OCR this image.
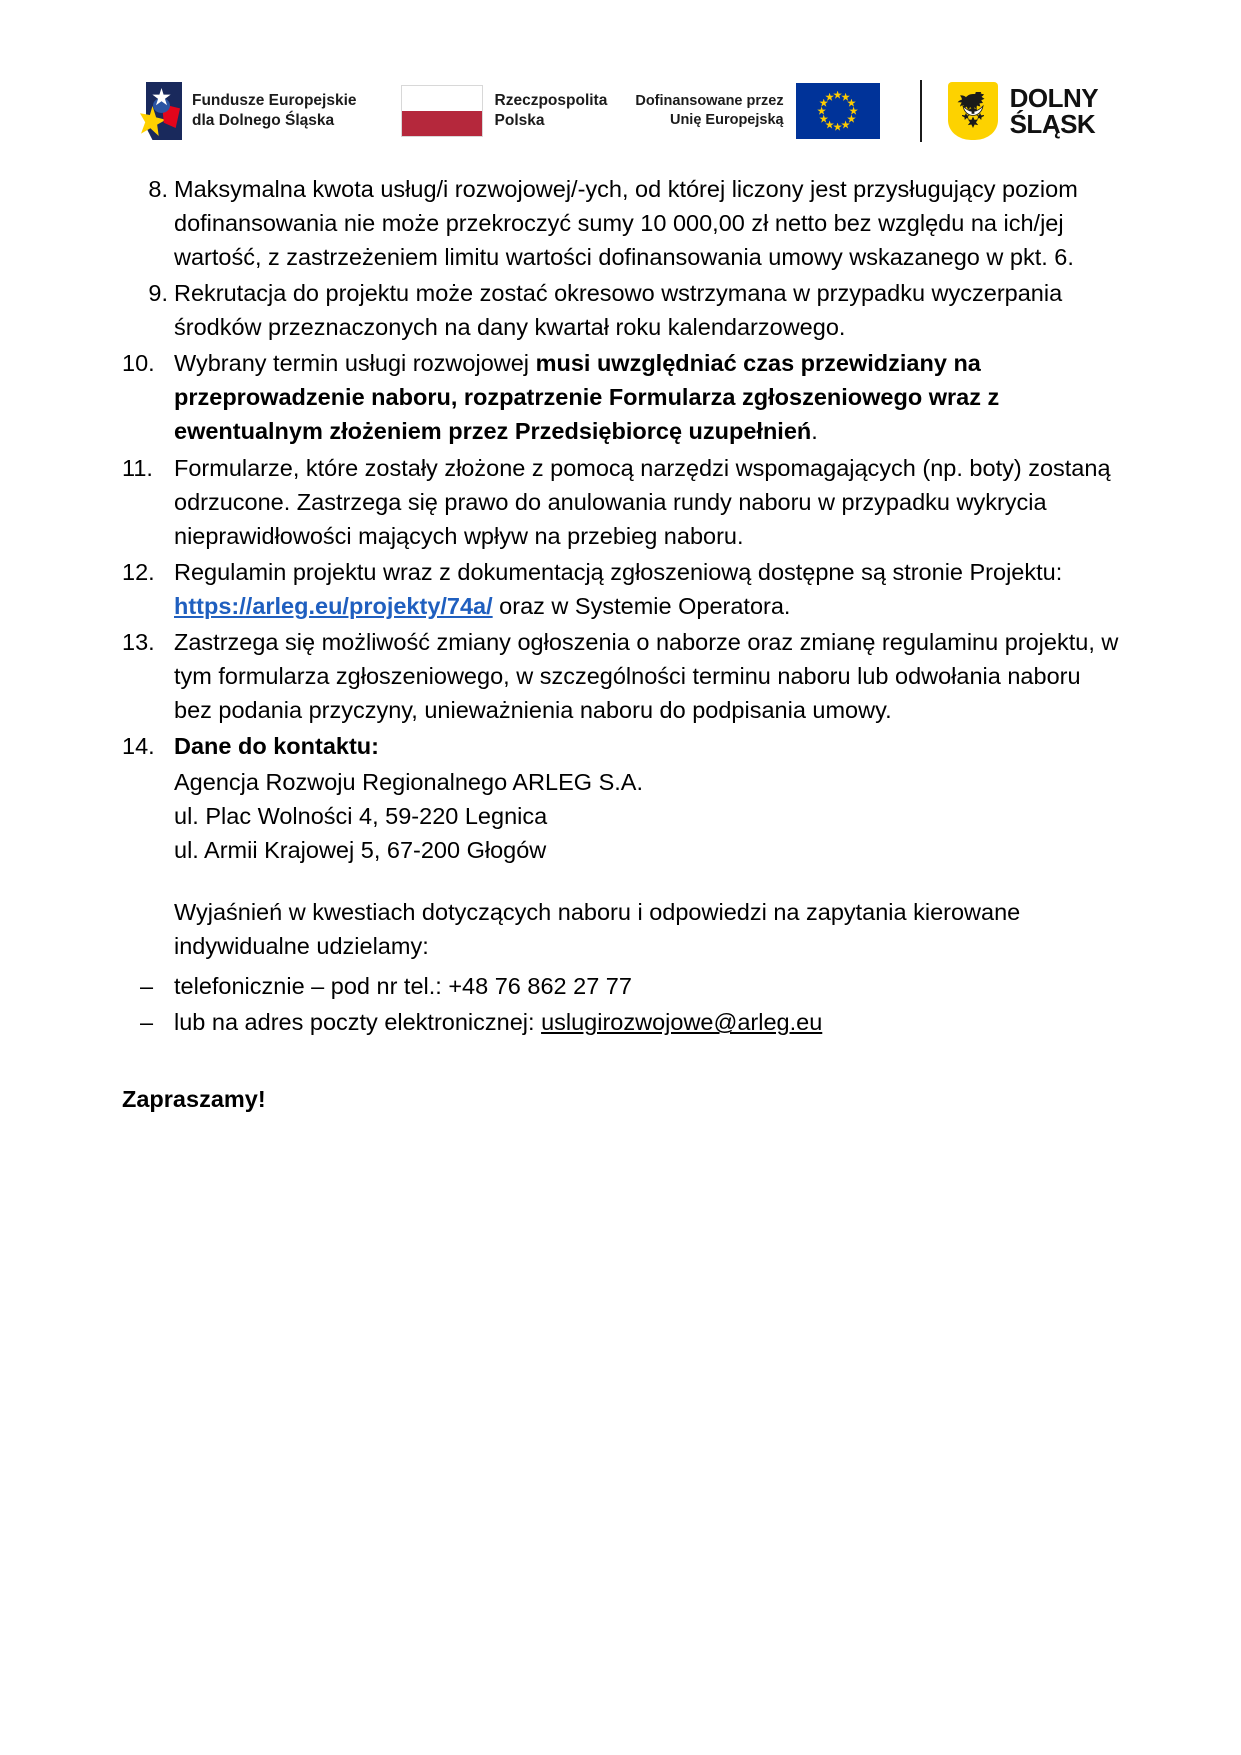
Fundusze Europejskie
dla Dolnego Śląska
Rzeczpospolita
Polska
Dofinansowane przez
Unię Europejską
DOLNY
ŚLĄSK
8. Maksymalna kwota usług/i rozwojowej/-ych, od której liczony jest przysługujący poziom dofinansowania nie może przekroczyć sumy 10 000,00 zł netto bez względu na ich/jej wartość, z zastrzeżeniem limitu wartości dofinansowania umowy wskazanego w pkt. 6.
9. Rekrutacja do projektu może zostać okresowo wstrzymana w przypadku wyczerpania środków przeznaczonych na dany kwartał roku kalendarzowego.
10. Wybrany termin usługi rozwojowej musi uwzględniać czas przewidziany na przeprowadzenie naboru, rozpatrzenie Formularza zgłoszeniowego wraz z ewentualnym złożeniem przez Przedsiębiorcę uzupełnień.
11. Formularze, które zostały złożone z pomocą narzędzi wspomagających (np. boty) zostaną odrzucone. Zastrzega się prawo do anulowania rundy naboru w przypadku wykrycia nieprawidłowości mających wpływ na przebieg naboru.
12. Regulamin projektu wraz z dokumentacją zgłoszeniową dostępne są stronie Projektu: https://arleg.eu/projekty/74a/ oraz w Systemie Operatora.
13. Zastrzega się możliwość zmiany ogłoszenia o naborze oraz zmianę regulaminu projektu, w tym formularza zgłoszeniowego, w szczególności terminu naboru lub odwołania naboru bez podania przyczyny, unieważnienia naboru do podpisania umowy.
14. Dane do kontaktu:
Agencja Rozwoju Regionalnego ARLEG S.A.
ul. Plac Wolności 4, 59-220 Legnica
ul. Armii Krajowej 5, 67-200 Głogów
Wyjaśnień w kwestiach dotyczących naboru i odpowiedzi na zapytania kierowane indywidualne udzielamy:
– telefonicznie – pod nr tel.: +48 76 862 27 77
– lub na adres poczty elektronicznej: uslugirozwojowe@arleg.eu
Zapraszamy!
